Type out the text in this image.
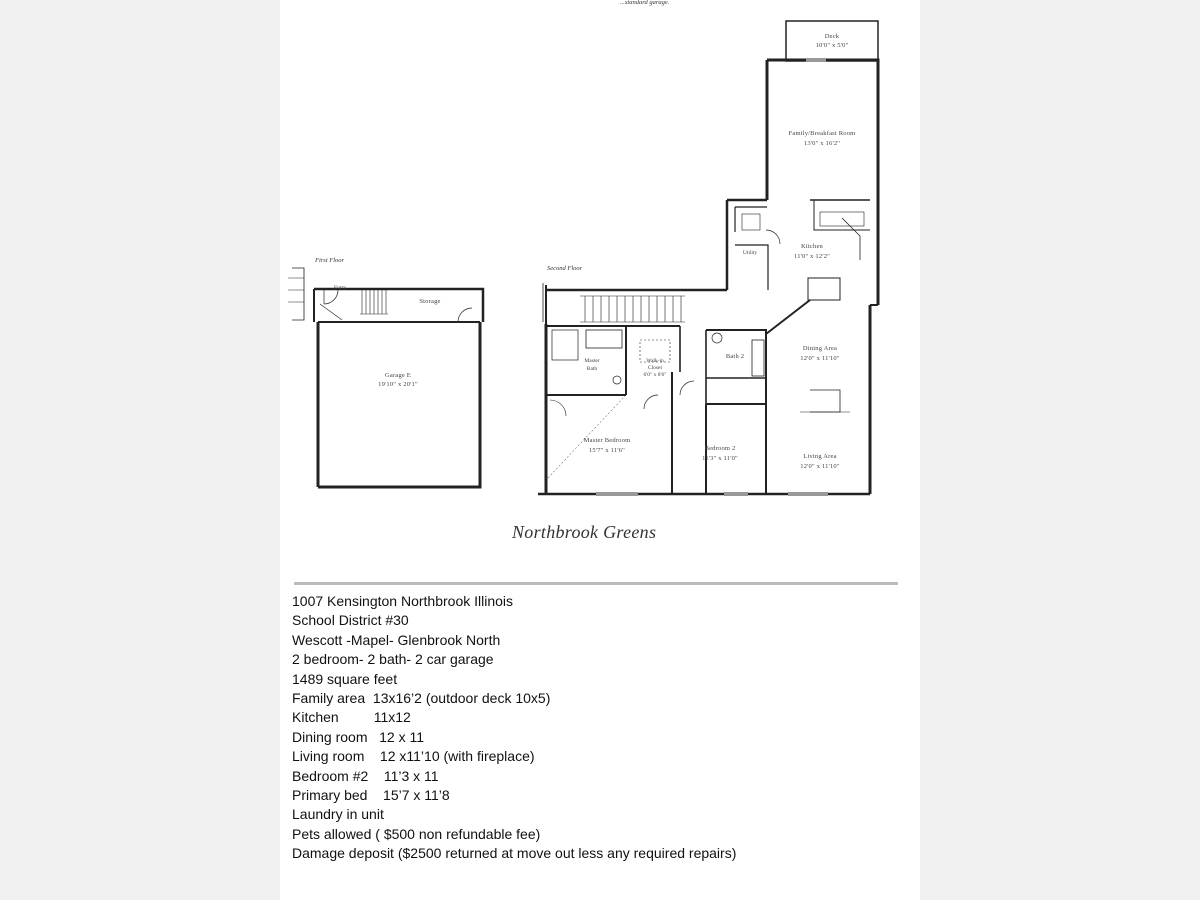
...standard garage.
First Floor
Entry
Storage
Garage E
19'10" x 20'1"
Second Floor
Deck
10'0" x 5'0"
Family/Breakfast Room
13'0" x 16'2"
Utility
Kitchen
11'0" x 12'2"
Dining Area
12'0" x 11'10"
Living Area
12'0" x 11'10"
Bath 2
Master
Bath
Walk-in
Closet
6'0" x 8'6"
Master Bedroom
15'7" x 11'6"	Bedroom 2
11'3" x 11'0"
Northbrook Greens
1007 Kensington Northbrook Illinois
School District #30
Wescott -Mapel- Glenbrook North
2 bedroom- 2 bath- 2 car garage
1489 square feet
Family area  13x16’2 (outdoor deck 10x5)
Kitchen         11x12
Dining room   12 x 11
Living room    12 x11’10 (with fireplace)
Bedroom #2    11’3 x 11
Primary bed    15’7 x 11’8
Laundry in unit
Pets allowed ( $500 non refundable fee)
Damage deposit ($2500 returned at move out less any required repairs)
